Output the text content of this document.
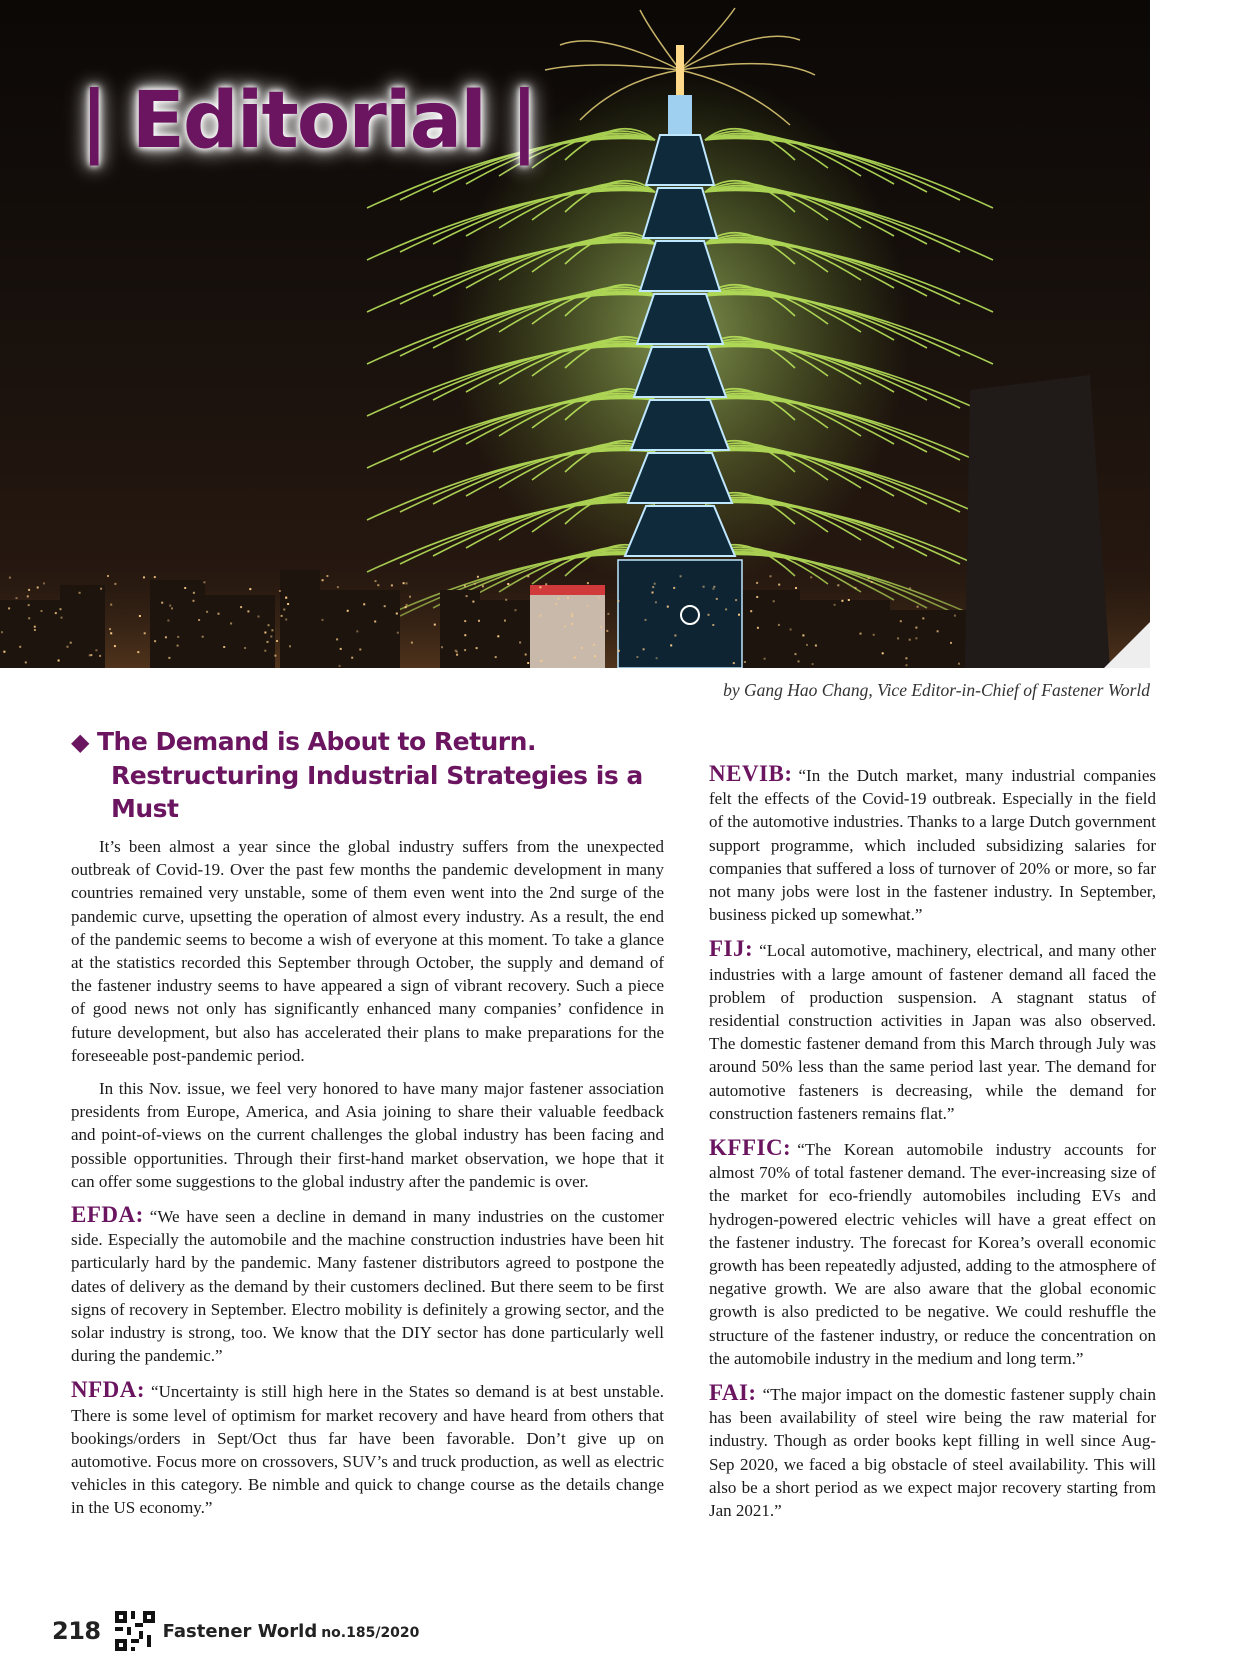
| Editorial |
by Gang Hao Chang, Vice Editor-in-Chief of Fastener World
◆ The Demand is About to Return.
Restructuring Industrial Strategies is a Must

It’s been almost a year since the global industry suffers from the unexpected outbreak of Covid-19. Over the past few months the pandemic development in many countries remained very unstable, some of them even went into the 2nd surge of the pandemic curve, upsetting the operation of almost every industry. As a result, the end of the pandemic seems to become a wish of everyone at this moment. To take a glance at the statistics recorded this September through October, the supply and demand of the fastener industry seems to have appeared a sign of vibrant recovery. Such a piece of good news not only has significantly enhanced many companies’ confidence in future development, but also has accelerated their plans to make preparations for the foreseeable post-pandemic period.

In this Nov. issue, we feel very honored to have many major fastener association presidents from Europe, America, and Asia joining to share their valuable feedback and point-of-views on the current challenges the global industry has been facing and possible opportunities. Through their first-hand market observation, we hope that it can offer some suggestions to the global industry after the pandemic is over.

EFDA: “We have seen a decline in demand in many industries on the customer side. Especially the automobile and the machine construction industries have been hit particularly hard by the pandemic. Many fastener distributors agreed to postpone the dates of delivery as the demand by their customers declined. But there seem to be first signs of recovery in September. Electro mobility is definitely a growing sector, and the solar industry is strong, too. We know that the DIY sector has done particularly well during the pandemic.”

NFDA: “Uncertainty is still high here in the States so demand is at best unstable. There is some level of optimism for market recovery and have heard from others that bookings/orders in Sept/Oct thus far have been favorable. Don’t give up on automotive. Focus more on crossovers, SUV’s and truck production, as well as electric vehicles in this category. Be nimble and quick to change course as the details change in the US economy.”

NEVIB: “In the Dutch market, many industrial companies felt the effects of the Covid-19 outbreak. Especially in the field of the automotive industries. Thanks to a large Dutch government support programme, which included subsidizing salaries for companies that suffered a loss of turnover of 20% or more, so far not many jobs were lost in the fastener industry. In September, business picked up somewhat.”

FIJ: “Local automotive, machinery, electrical, and many other industries with a large amount of fastener demand all faced the problem of production suspension. A stagnant status of residential construction activities in Japan was also observed. The domestic fastener demand from this March through July was around 50% less than the same period last year. The demand for automotive fasteners is decreasing, while the demand for construction fasteners remains flat.”

KFFIC: “The Korean automobile industry accounts for almost 70% of total fastener demand. The ever-increasing size of the market for eco-friendly automobiles including EVs and hydrogen-powered electric vehicles will have a great effect on the fastener industry. The forecast for Korea’s overall economic growth has been repeatedly adjusted, adding to the atmosphere of negative growth. We are also aware that the global economic growth is also predicted to be negative. We could reshuffle the structure of the fastener industry, or reduce the concentration on the automobile industry in the medium and long term.”

FAI: “The major impact on the domestic fastener supply chain has been availability of steel wire being the raw material for industry. Though as order books kept filling in well since Aug-Sep 2020, we faced a big obstacle of steel availability. This will also be a short period as we expect major recovery starting from Jan 2021.”

218	Fastener World no.185/2020
